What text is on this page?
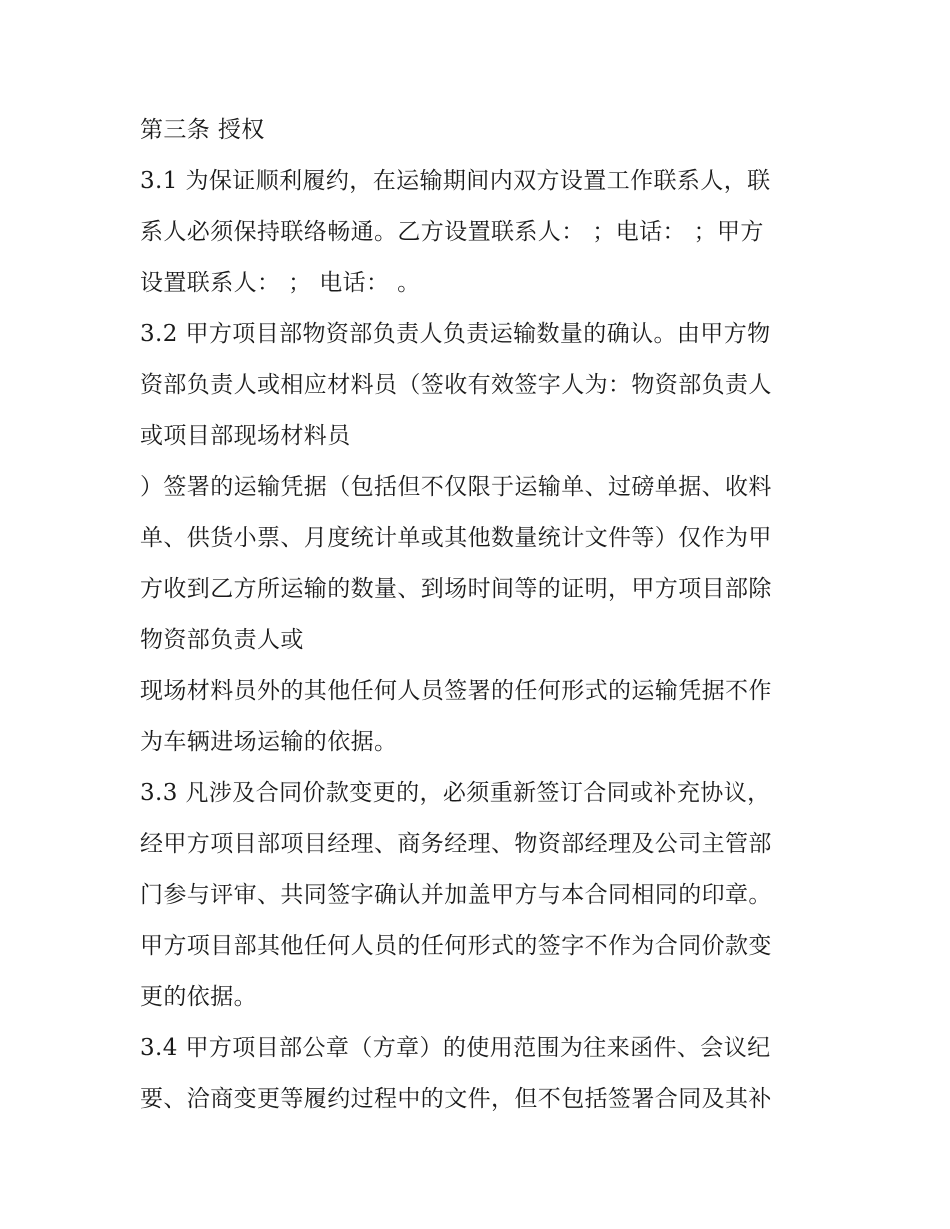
第三条 授权
3.1 为保证顺利履约，在运输期间内双方设置工作联系人，联
系人必须保持联络畅通。乙方设置联系人： ；电话： ；甲方
设置联系人： ； 电话： 。
3.2 甲方项目部物资部负责人负责运输数量的确认。由甲方物
资部负责人或相应材料员（签收有效签字人为：物资部负责人
或项目部现场材料员
）签署的运输凭据（包括但不仅限于运输单、过磅单据、收料
单、供货小票、月度统计单或其他数量统计文件等）仅作为甲
方收到乙方所运输的数量、到场时间等的证明，甲方项目部除
物资部负责人或
现场材料员外的其他任何人员签署的任何形式的运输凭据不作
为车辆进场运输的依据。
3.3 凡涉及合同价款变更的，必须重新签订合同或补充协议，
经甲方项目部项目经理、商务经理、物资部经理及公司主管部
门参与评审、共同签字确认并加盖甲方与本合同相同的印章。
甲方项目部其他任何人员的任何形式的签字不作为合同价款变
更的依据。
3.4 甲方项目部公章（方章）的使用范围为往来函件、会议纪
要、洽商变更等履约过程中的文件，但不包括签署合同及其补
